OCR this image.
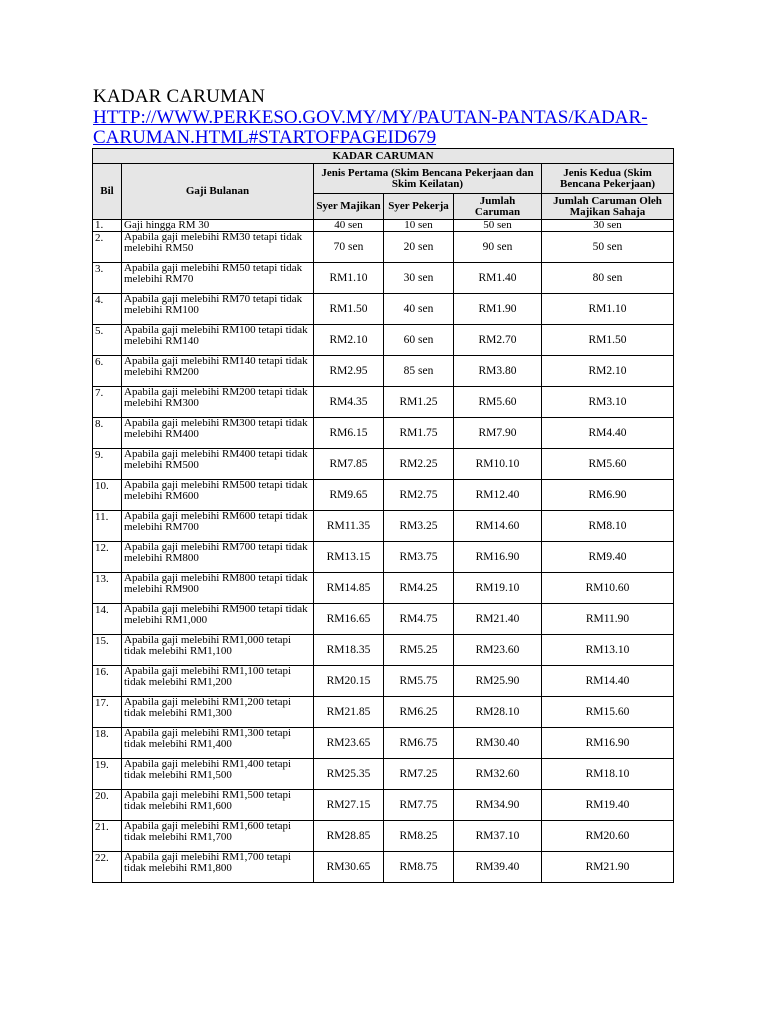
KADAR CARUMAN
HTTP://WWW.PERKESO.GOV.MY/MY/PAUTAN-PANTAS/KADAR-CARUMAN.HTML#STARTOFPAGEID679
KADAR CARUMAN					
Bil	Gaji Bulanan	Jenis Pertama (Skim Bencana Pekerjaan dan Skim Keilatan)			Jenis Kedua (Skim Bencana Pekerjaan)
		Syer Majikan	Syer Pekerja	Jumlah Caruman	Jumlah Caruman Oleh Majikan Sahaja
1.	Gaji hingga RM 30	40 sen	10 sen	50 sen	30 sen
2.	Apabila gaji melebihi RM30 tetapi tidak melebihi RM50	70 sen	20 sen	90 sen	50 sen
3.	Apabila gaji melebihi RM50 tetapi tidak melebihi RM70	RM1.10	30 sen	RM1.40	80 sen
4.	Apabila gaji melebihi RM70 tetapi tidak melebihi RM100	RM1.50	40 sen	RM1.90	RM1.10
5.	Apabila gaji melebihi RM100 tetapi tidak melebihi RM140	RM2.10	60 sen	RM2.70	RM1.50
6.	Apabila gaji melebihi RM140 tetapi tidak melebihi RM200	RM2.95	85 sen	RM3.80	RM2.10
7.	Apabila gaji melebihi RM200 tetapi tidak melebihi RM300	RM4.35	RM1.25	RM5.60	RM3.10
8.	Apabila gaji melebihi RM300 tetapi tidak melebihi RM400	RM6.15	RM1.75	RM7.90	RM4.40
9.	Apabila gaji melebihi RM400 tetapi tidak melebihi RM500	RM7.85	RM2.25	RM10.10	RM5.60
10.	Apabila gaji melebihi RM500 tetapi tidak melebihi RM600	RM9.65	RM2.75	RM12.40	RM6.90
11.	Apabila gaji melebihi RM600 tetapi tidak melebihi RM700	RM11.35	RM3.25	RM14.60	RM8.10
12.	Apabila gaji melebihi RM700 tetapi tidak melebihi RM800	RM13.15	RM3.75	RM16.90	RM9.40
13.	Apabila gaji melebihi RM800 tetapi tidak melebihi RM900	RM14.85	RM4.25	RM19.10	RM10.60
14.	Apabila gaji melebihi RM900 tetapi tidak melebihi RM1,000	RM16.65	RM4.75	RM21.40	RM11.90
15.	Apabila gaji melebihi RM1,000 tetapi tidak melebihi RM1,100	RM18.35	RM5.25	RM23.60	RM13.10
16.	Apabila gaji melebihi RM1,100 tetapi tidak melebihi RM1,200	RM20.15	RM5.75	RM25.90	RM14.40
17.	Apabila gaji melebihi RM1,200 tetapi tidak melebihi RM1,300	RM21.85	RM6.25	RM28.10	RM15.60
18.	Apabila gaji melebihi RM1,300 tetapi tidak melebihi RM1,400	RM23.65	RM6.75	RM30.40	RM16.90
19.	Apabila gaji melebihi RM1,400 tetapi tidak melebihi RM1,500	RM25.35	RM7.25	RM32.60	RM18.10
20.	Apabila gaji melebihi RM1,500 tetapi tidak melebihi RM1,600	RM27.15	RM7.75	RM34.90	RM19.40
21.	Apabila gaji melebihi RM1,600 tetapi tidak melebihi RM1,700	RM28.85	RM8.25	RM37.10	RM20.60
22.	Apabila gaji melebihi RM1,700 tetapi tidak melebihi RM1,800	RM30.65	RM8.75	RM39.40	RM21.90
